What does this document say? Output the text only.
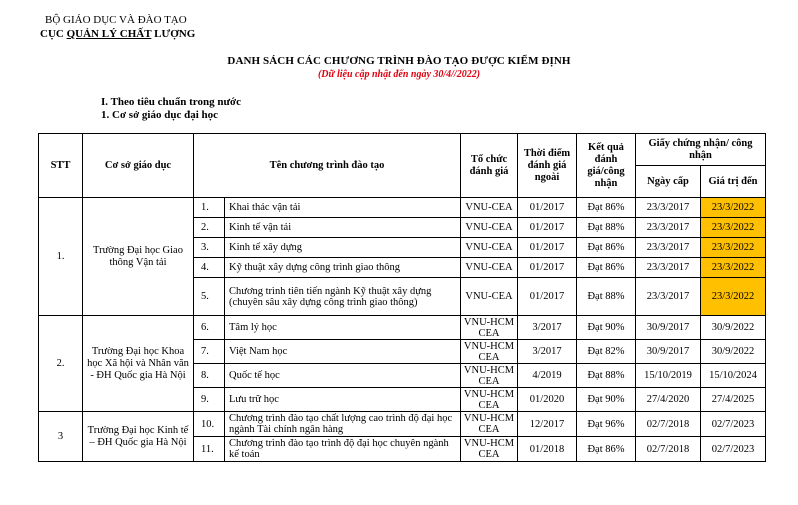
BỘ GIÁO DỤC VÀ ĐÀO TẠO
CỤC QUẢN LÝ CHẤT LƯỢNG
DANH SÁCH CÁC CHƯƠNG TRÌNH ĐÀO TẠO ĐƯỢC KIỂM ĐỊNH
(Dữ liệu cập nhật đến ngày 30/4//2022)
I. Theo tiêu chuẩn trong nước
1. Cơ sở giáo dục đại học
STT	Cơ sở giáo dục	Tên chương trình đào tạo		Tổ chức đánh giá	Thời điểm đánh giá ngoài	Kết quả đánh giá/công nhận	Giấy chứng nhận/ công nhận	
							Ngày cấp	Giá trị đến
1.	Trường Đại học Giao thông Vận tải	1.	Khai thác vận tải	VNU-CEA	01/2017	Đạt 86%	23/3/2017	23/3/2022
		2.	Kinh tế vận tải	VNU-CEA	01/2017	Đạt 88%	23/3/2017	23/3/2022
		3.	Kinh tế xây dựng	VNU-CEA	01/2017	Đạt 86%	23/3/2017	23/3/2022
		4.	Kỹ thuật xây dựng công trình giao thông	VNU-CEA	01/2017	Đạt 86%	23/3/2017	23/3/2022
		5.	Chương trình tiên tiến ngành Kỹ thuật xây dựng (chuyên sâu xây dựng công trình giao thông)	VNU-CEA	01/2017	Đạt 88%	23/3/2017	23/3/2022
2.	Trường Đại học Khoa học Xã hội và Nhân văn - ĐH Quốc gia Hà Nội	6.	Tâm lý học	VNU-HCM CEA	3/2017	Đạt 90%	30/9/2017	30/9/2022
		7.	Việt Nam học	VNU-HCM CEA	3/2017	Đạt 82%	30/9/2017	30/9/2022
		8.	Quốc tế học	VNU-HCM CEA	4/2019	Đạt 88%	15/10/2019	15/10/2024
		9.	Lưu trữ học	VNU-HCM CEA	01/2020	Đạt 90%	27/4/2020	27/4/2025
3	Trường Đại học Kinh tế – ĐH Quốc gia Hà Nội	10.	Chương trình đào tạo chất lượng cao trình độ đại học ngành Tài chính ngân hàng	VNU-HCM CEA	12/2017	Đạt 96%	02/7/2018	02/7/2023
		11.	Chương trình đào tạo trình độ đại học chuyên ngành kế toán	VNU-HCM CEA	01/2018	Đạt 86%	02/7/2018	02/7/2023
